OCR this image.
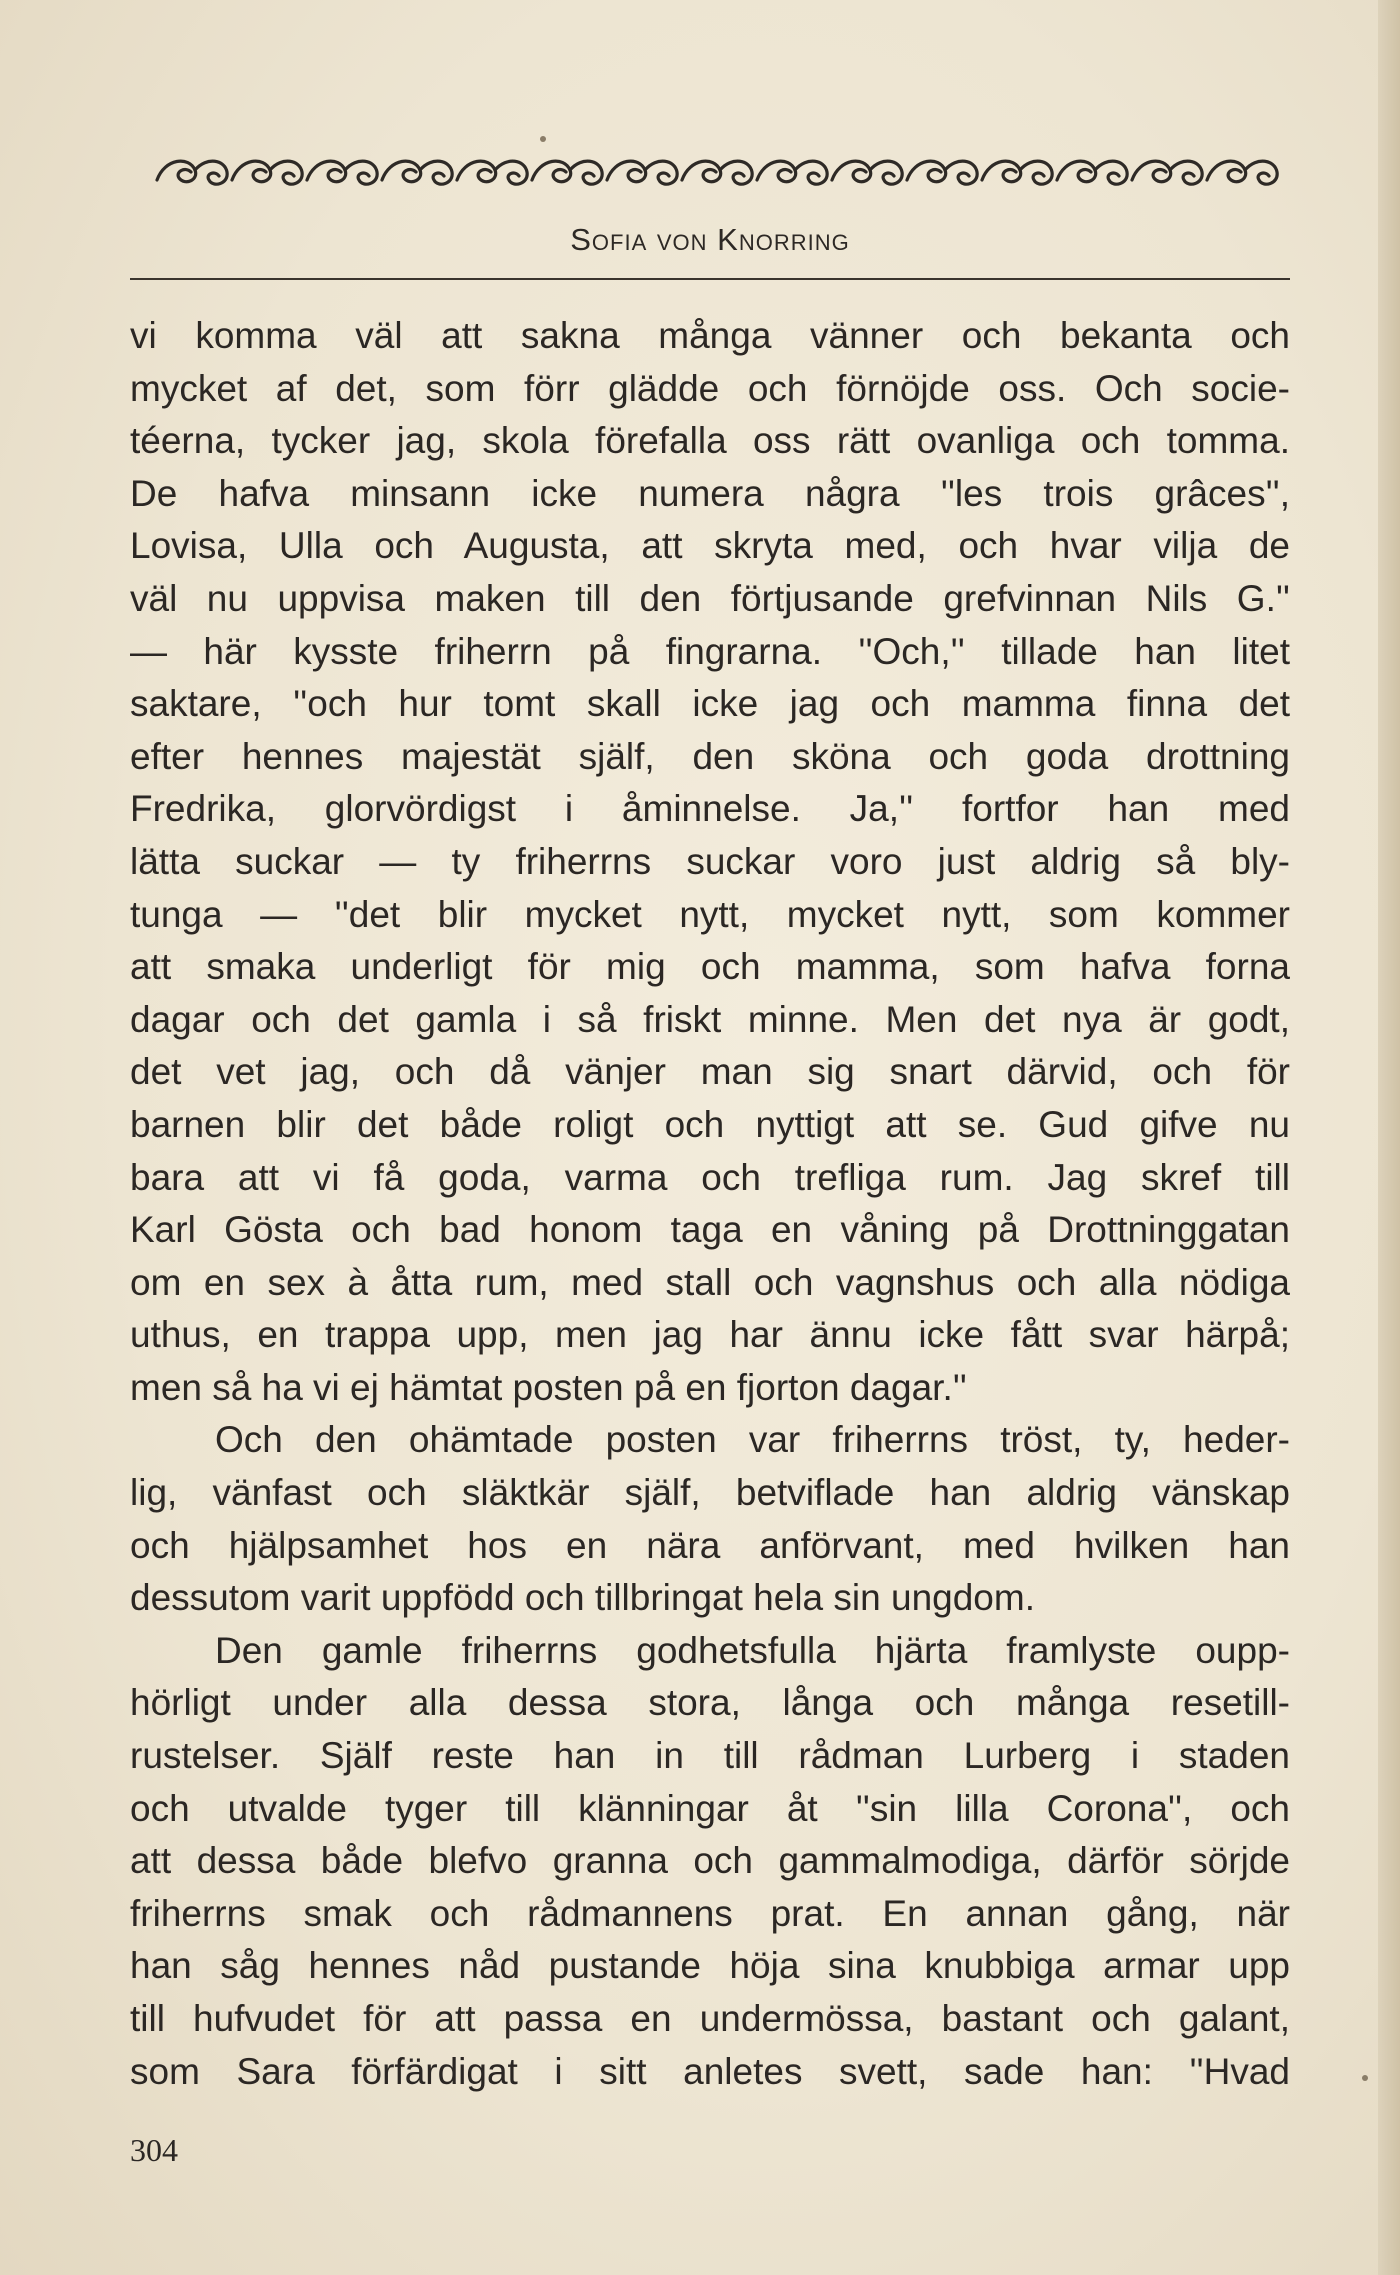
Sofia von Knorring
vi komma väl att sakna många vänner och bekanta och
mycket af det, som förr glädde och förnöjde oss. Och socie-
téerna, tycker jag, skola förefalla oss rätt ovanliga och tomma.
De hafva minsann icke numera några ''les trois grâces'',
Lovisa, Ulla och Augusta, att skryta med, och hvar vilja de
väl nu uppvisa maken till den förtjusande grefvinnan Nils G.''
— här kysste friherrn på fingrarna. ''Och,'' tillade han litet
saktare, ''och hur tomt skall icke jag och mamma finna det
efter hennes majestät själf, den sköna och goda drottning
Fredrika, glorvördigst i åminnelse. Ja,'' fortfor han med
lätta suckar — ty friherrns suckar voro just aldrig så bly-
tunga — ''det blir mycket nytt, mycket nytt, som kommer
att smaka underligt för mig och mamma, som hafva forna
dagar och det gamla i så friskt minne. Men det nya är godt,
det vet jag, och då vänjer man sig snart därvid, och för
barnen blir det både roligt och nyttigt att se. Gud gifve nu
bara att vi få goda, varma och trefliga rum. Jag skref till
Karl Gösta och bad honom taga en våning på Drottninggatan
om en sex à åtta rum, med stall och vagnshus och alla nödiga
uthus, en trappa upp, men jag har ännu icke fått svar härpå;
men så ha vi ej hämtat posten på en fjorton dagar.''
Och den ohämtade posten var friherrns tröst, ty, heder-
lig, vänfast och släktkär själf, betviflade han aldrig vänskap
och hjälpsamhet hos en nära anförvant, med hvilken han
dessutom varit uppfödd och tillbringat hela sin ungdom.
Den gamle friherrns godhetsfulla hjärta framlyste oupp-
hörligt under alla dessa stora, långa och många resetill-
rustelser. Själf reste han in till rådman Lurberg i staden
och utvalde tyger till klänningar åt ''sin lilla Corona'', och
att dessa både blefvo granna och gammalmodiga, därför sörjde
friherrns smak och rådmannens prat. En annan gång, när
han såg hennes nåd pustande höja sina knubbiga armar upp
till hufvudet för att passa en undermössa, bastant och galant,
som Sara förfärdigat i sitt anletes svett, sade han: ''Hvad
304
